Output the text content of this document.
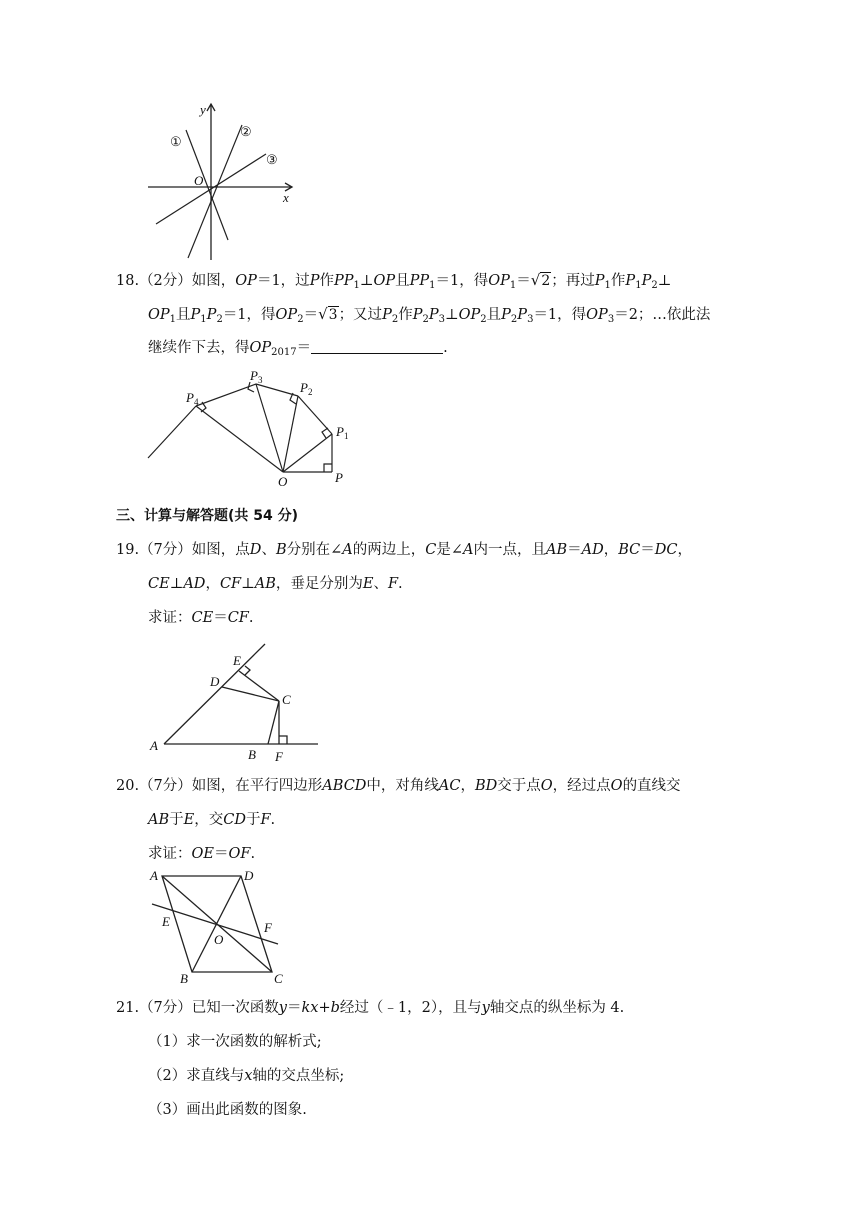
y
x
O
①
②
③
18.（2分）如图，OP＝1，过P作$PP_1\perp OP$且$PP_1=1$，得$OP_1=√2$；再过$P_1$作$P_1P_2\perp$
$OP_1$且$P_1P_2=1$，得$OP_2=√3$；又过$P_2$作$P_2P_3\perp OP_2$且$P_2P_3=1$，得$OP_3=2$；…依此法
继续作下去，得$OP_{2017}=$	.
$P_4$
$P_3$	$P_2$
$P_1$
P
O
三、计算与解答题(共 54 分)
19.（7分）如图，点D、B分别在∠A的两边上，C是∠A内一点，且AB＝AD，BC＝DC，
CE⊥AD，CF⊥AB，垂足分别为E、F.
求证：CE＝CF.
E
D
C
A
B F
20.（7分）如图，在平行四边形ABCD中，对角线AC，BD交于点O，经过点O的直线交
AB于E，交CD于F.
求证：OE＝OF.
A	D
E
O
F
B	C
21.（7分）已知一次函数y＝kx+b经过（﹣1，2），且与y轴交点的纵坐标为 4.
（1）求一次函数的解析式;
（2）求直线与x轴的交点坐标;
（3）画出此函数的图象.
